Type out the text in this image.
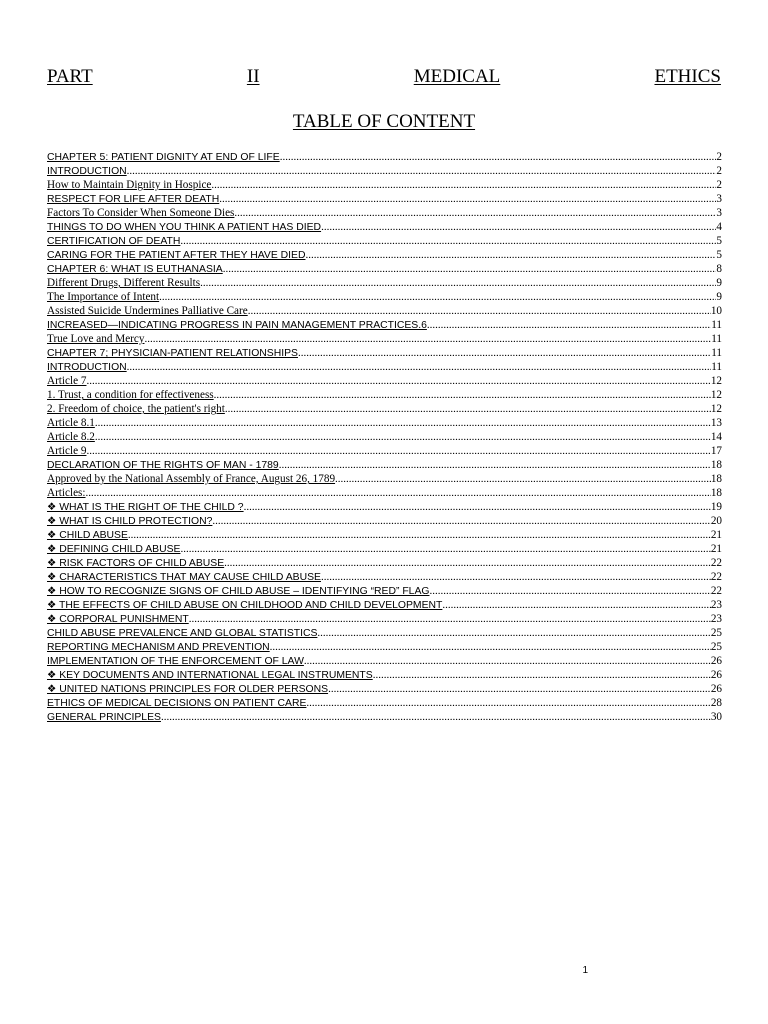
PART	II	MEDICAL	ETHICS
TABLE OF CONTENT
CHAPTER 5: PATIENT DIGNITY AT END OF LIFE .....	2
INTRODUCTION .....	2
How to Maintain Dignity in Hospice .....	2
RESPECT FOR LIFE AFTER DEATH .....	3
Factors To Consider When Someone Dies .....	3
THINGS TO DO WHEN YOU THINK A PATIENT HAS DIED .....	4
CERTIFICATION OF DEATH .....	5
CARING FOR THE PATIENT AFTER THEY HAVE DIED .....	5
CHAPTER 6: WHAT IS EUTHANASIA .....	8
Different Drugs, Different Results .....	9
The Importance of Intent .....	9
Assisted Suicide Undermines Palliative Care .....	10
INCREASED—INDICATING PROGRESS IN PAIN MANAGEMENT PRACTICES.6 .....	11
True Love and Mercy .....	11
CHAPTER 7; PHYSICIAN-PATIENT RELATIONSHIPS .....	11
INTRODUCTION .....	11
Article 7 .....	12
1. Trust, a condition for effectiveness .....	12
2. Freedom of choice, the patient's right .....	12
Article 8.1 .....	13
Article 8.2 .....	14
Article 9 .....	17
DECLARATION OF THE RIGHTS OF MAN - 1789 .....	18
Approved by the National Assembly of France, August 26, 1789 .....	18
Articles: .....	18
❖ WHAT IS THE RIGHT OF THE CHILD ? .....	19
❖ WHAT IS CHILD PROTECTION? .....	20
❖ CHILD ABUSE .....	21
❖ DEFINING CHILD ABUSE .....	21
❖ RISK FACTORS OF CHILD ABUSE .....	22
❖ CHARACTERISTICS THAT MAY CAUSE CHILD ABUSE .....	22
❖ HOW TO RECOGNIZE SIGNS OF CHILD ABUSE – IDENTIFYING “RED” FLAG .....	22
❖ THE EFFECTS OF CHILD ABUSE ON CHILDHOOD AND CHILD DEVELOPMENT .....	23
❖ CORPORAL PUNISHMENT .....	23
CHILD ABUSE PREVALENCE AND GLOBAL STATISTICS .....	25
REPORTING MECHANISM AND PREVENTION .....	25
IMPLEMENTATION OF THE ENFORCEMENT OF LAW .....	26
❖ KEY DOCUMENTS AND INTERNATIONAL LEGAL INSTRUMENTS .....	26
❖ UNITED NATIONS PRINCIPLES FOR OLDER PERSONS .....	26
ETHICS OF MEDICAL DECISIONS ON PATIENT CARE .....	28
GENERAL PRINCIPLES .....	30
1
